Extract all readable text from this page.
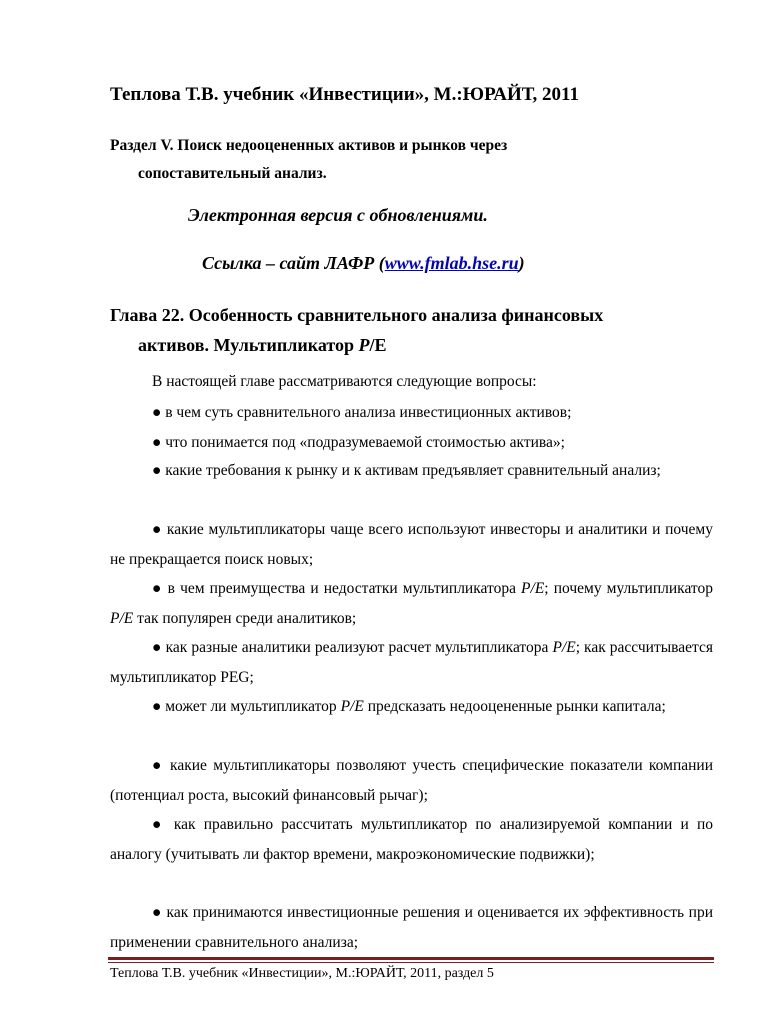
Теплова Т.В. учебник «Инвестиции», М.:ЮРАЙТ, 2011
Раздел V. Поиск недооцененных активов и рынков через
сопоставительный анализ.
Электронная версия с обновлениями.
Ссылка – сайт ЛАФР (www.fmlab.hse.ru)
Глава 22. Особенность сравнительного анализа финансовых
активов. Мультипликатор P/E
В настоящей главе рассматриваются следующие вопросы:
● в чем суть сравнительного анализа инвестиционных активов;
● что понимается под «подразумеваемой стоимостью актива»;
● какие требования к рынку и к активам предъявляет сравнительный анализ;
● какие мультипликаторы чаще всего используют инвесторы и аналитики и почему
не прекращается поиск новых;
● в чем преимущества и недостатки мультипликатора P/E; почему мультипликатор
P/E так популярен среди аналитиков;
● как разные аналитики реализуют расчет мультипликатора P/E; как рассчитывается
мультипликатор PEG;
● может ли мультипликатор P/E предсказать недооцененные рынки капитала;
● какие мультипликаторы позволяют учесть специфические показатели компании
(потенциал роста, высокий финансовый рычаг);
● как правильно рассчитать мультипликатор по анализируемой компании и по
аналогу (учитывать ли фактор времени, макроэкономические подвижки);
● как принимаются инвестиционные решения и оценивается их эффективность при
применении сравнительного анализа;
Теплова Т.В. учебник «Инвестиции», М.:ЮРАЙТ, 2011, раздел 5
